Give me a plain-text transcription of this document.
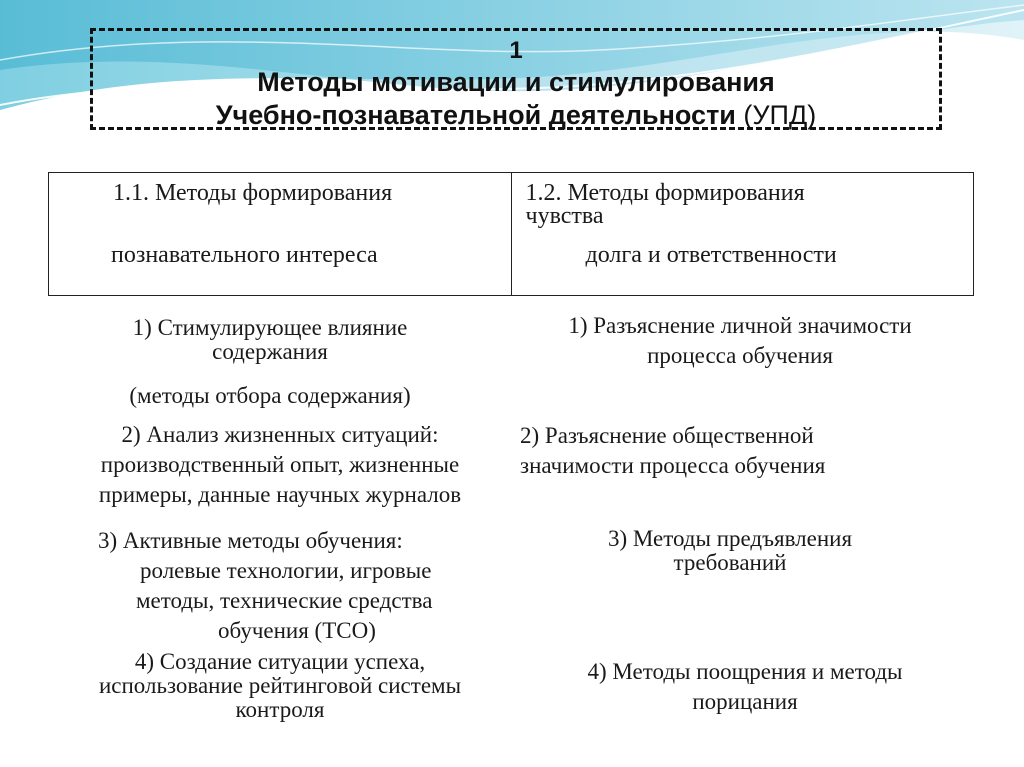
1
Методы мотивации и стимулирования
Учебно-познавательной деятельности (УПД)
1.1. Методы формирования
познавательного интереса
1.2. Методы формирования
чувства
долга и ответственности
1) Стимулирующее влияние
содержания
(методы отбора содержания)
2) Анализ жизненных ситуаций:
производственный опыт, жизненные
примеры, данные научных журналов
3) Активные методы обучения:
ролевые технологии, игровые
методы, технические средства
обучения (ТСО)
4) Создание ситуации успеха,
использование рейтинговой системы
контроля
1) Разъяснение личной значимости
процесса обучения
2) Разъяснение общественной
значимости процесса обучения
3) Методы предъявления
требований
4) Методы поощрения и методы
порицания
